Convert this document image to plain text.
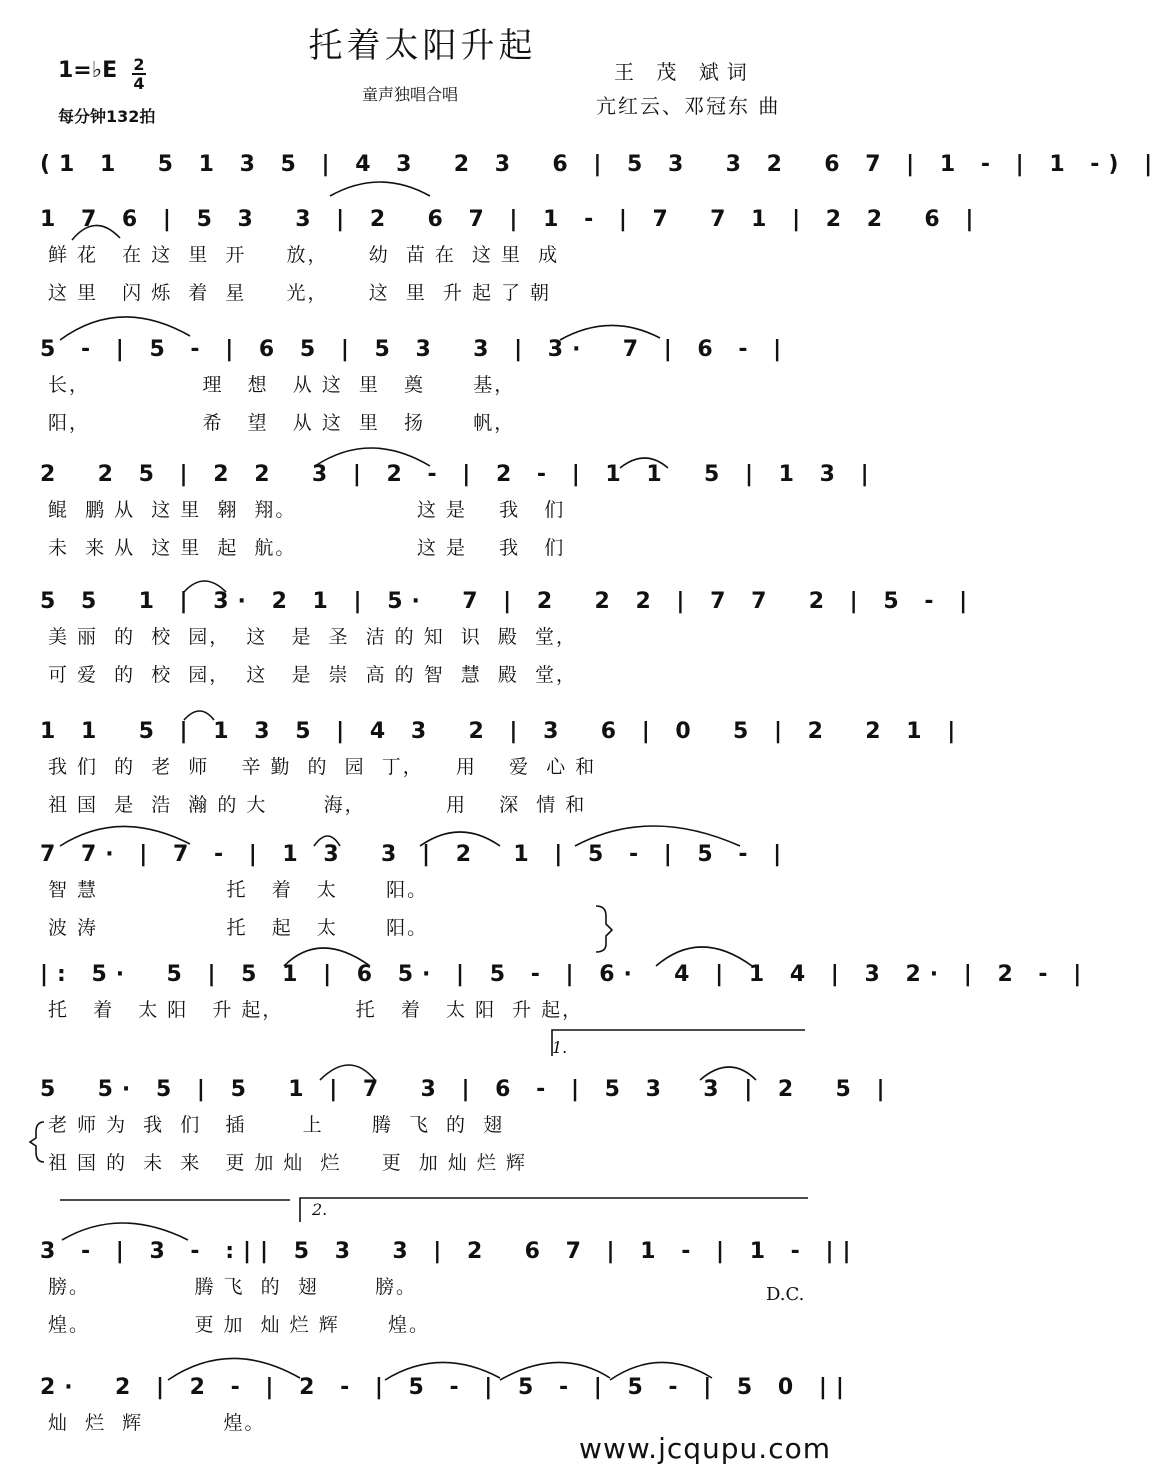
托着太阳升起
1=♭E 2
4
每分钟132拍
童声独唱合唱
王 茂 斌词
亢红云、邓冠东 曲
(1 1  5 1 3 5 | 4 3  2 3  6 | 5 3  3 2  6 7 | 1 - | 1 -) |
1 7 6 | 5 3  3 | 2  6 7 | 1 - | 7  7 1 | 2 2  6 |
鲜 花   在 这  里  开     放，     幼  苗 在  这 里  成
这 里   闪 烁  着  星     光，     这  里  升 起 了 朝
5 - | 5 - | 6 5 | 5 3  3 | 3·  7 | 6 - |
长，              理   想   从 这  里   奠      基，
阳，              希   望   从 这  里   扬      帆，
2  2 5 | 2 2  3 | 2 - | 2 - | 1 1  5 | 1 3 |
鲲  鹏 从  这 里  翱  翔。               这 是    我   们
未  来 从  这 里  起  航。               这 是    我   们
5 5  1 | 3· 2 1 | 5·  7 | 2  2 2 | 7 7  2 | 5 - |
美 丽  的  校  园，  这   是  圣  洁 的 知  识  殿  堂，
可 爱  的  校  园，  这   是  崇  高 的 智  慧  殿  堂，
1 1  5 | 1 3 5 | 4 3  2 | 3  6 | 0  5 | 2  2 1 |
我 们  的  老  师    辛 勤  的  园  丁，    用    爱  心 和
祖 国  是  浩  瀚 的 大       海，          用    深  情 和
7 7· | 7 - | 1 3  3 | 2  1 | 5 - | 5 - |
智 慧                托   着   太      阳。
波 涛                托   起   太      阳。
|: 5·  5 | 5 1 | 6 5· | 5 - | 6·  4 | 1 4 | 3 2· | 2 - |
托   着   太 阳   升 起，         托   着   太 阳  升 起，
5  5· 5 | 5  1 | 7  3 | 6 - | 5 3  3 | 2  5 |
老 师 为  我  们   插       上      腾  飞  的  翅
祖 国 的  未  来   更 加 灿  烂     更  加 灿 烂 辉
3 - | 3 - :|| 5 3  3 | 2  6 7 | 1 - | 1 - ||
膀。             腾 飞  的  翅       膀。
煌。             更 加  灿 烂 辉      煌。
2·  2 | 2 - | 2 - | 5 - | 5 - | 5 - | 5 0 ||
灿  烂  辉          煌。
1.
2.
D.C.
www.jcqupu.com
